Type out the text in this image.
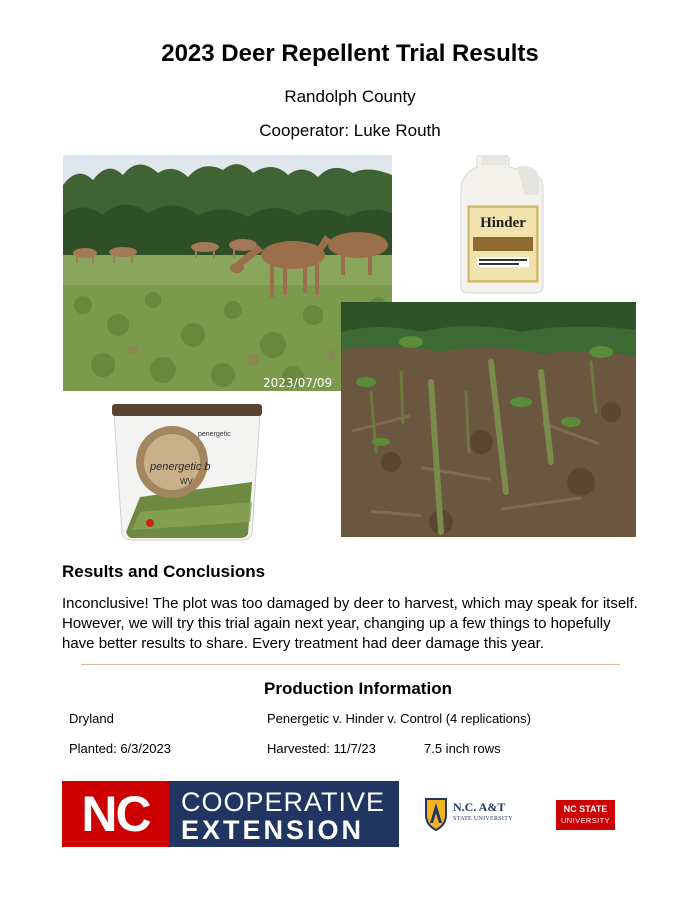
2023 Deer Repellent Trial Results
Randolph County
Cooperator: Luke Routh
2023/07/09
Hinder
penergetic
penergetic b
WV
Results and Conclusions
Inconclusive! The plot was too damaged by deer to harvest, which may speak for itself.
However, we will try this trial again next year, changing up a few things to hopefully
have better results to share. Every treatment had deer damage this year.
Production Information
Dryland	Penergetic v. Hinder v. Control (4 replications)
Planted: 6/3/2023	Harvested: 11/7/23	7.5 inch rows
NC	COOPERATIVE
EXTENSION
N.C. A&T
STATE UNIVERSITY
NC STATE
UNIVERSITY
